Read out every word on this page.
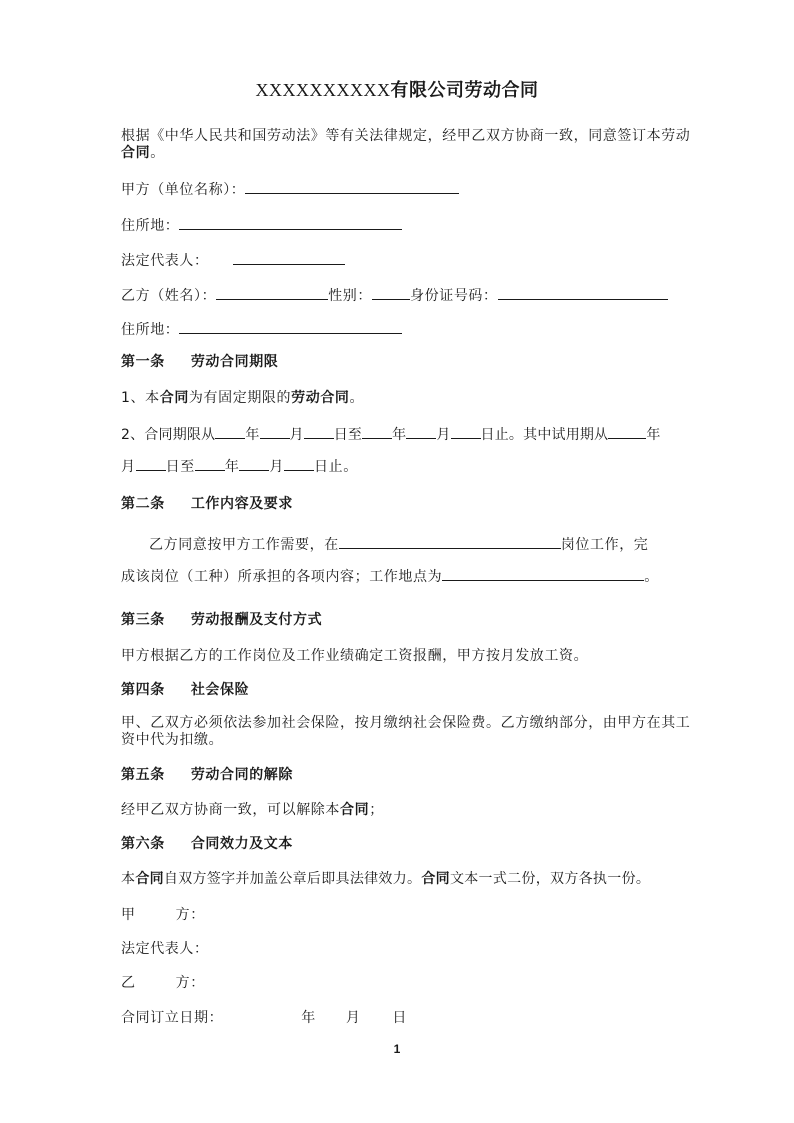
XXXXXXXXXX有限公司劳动合同
根据《中华人民共和国劳动法》等有关法律规定，经甲乙双方协商一致，同意签订本劳动合同。
甲方（单位名称）：
住所地：
法定代表人：
乙方（姓名）：	性别：	身份证号码：
住所地：
第一条 劳动合同期限
1、本合同为有固定期限的劳动合同。
2、合同期限从 年 月 日至 年 月 日止。其中试用期从	年
月 日至 年 月 日止。
第二条 工作内容及要求
乙方同意按甲方工作需要，在	岗位工作，完
成该岗位（工种）所承担的各项内容；工作地点为	。
第三条 劳动报酬及支付方式
甲方根据乙方的工作岗位及工作业绩确定工资报酬，甲方按月发放工资。
第四条 社会保险
甲、乙双方必须依法参加社会保险，按月缴纳社会保险费。乙方缴纳部分，由甲方在其工资中代为扣缴。
第五条 劳动合同的解除
经甲乙双方协商一致，可以解除本合同；
第六条 合同效力及文本
本合同自双方签字并加盖公章后即具法律效力。合同文本一式二份，双方各执一份。
甲	方：
法定代表人：
乙	方：
合同订立日期：	年 月 日
1
